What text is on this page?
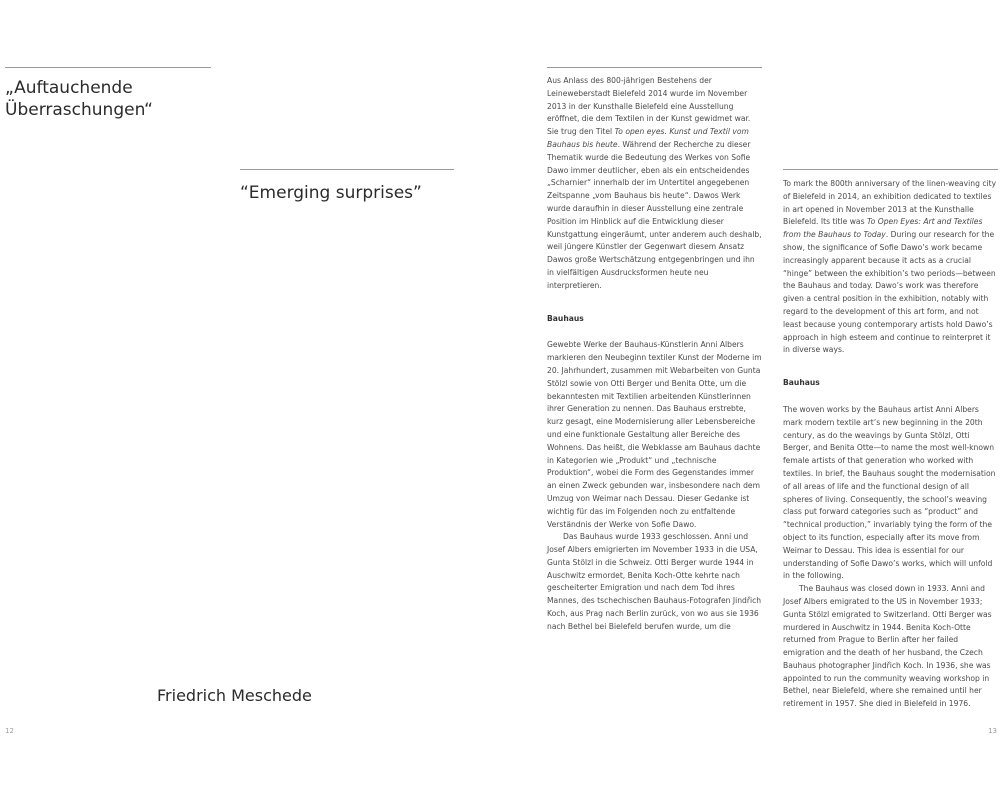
„Auftauchende
Überraschungen“
“Emerging surprises”
Friedrich Meschede
12

Aus Anlass des 800-jährigen Bestehens der Leineweberstadt Bielefeld 2014 wurde im November 2013 in der Kunsthalle Bielefeld eine Ausstellung eröffnet, die dem Textilen in der Kunst gewidmet war. Sie trug den Titel To open eyes. Kunst und Textil vom Bauhaus bis heute. Während der Recherche zu dieser Thematik wurde die Bedeutung des Werkes von Sofie Dawo immer deutlicher, eben als ein entscheidendes „Scharnier“ innerhalb der im Untertitel angegebenen Zeitspanne „vom Bauhaus bis heute“. Dawos Werk wurde daraufhin in dieser Ausstellung eine zentrale Position im Hinblick auf die Entwicklung dieser Kunstgattung eingeräumt, unter anderem auch deshalb, weil jüngere Künstler der Gegenwart diesem Ansatz Dawos große Wertschätzung entgegenbringen und ihn in vielfältigen Ausdrucksformen heute neu interpretieren.

Bauhaus

Gewebte Werke der Bauhaus-Künstlerin Anni Albers markieren den Neubeginn textiler Kunst der Moderne im 20. Jahrhundert, zusammen mit Webarbeiten von Gunta Stölzl sowie von Otti Berger und Benita Otte, um die bekanntesten mit Textilien arbeitenden Künstlerinnen ihrer Generation zu nennen. Das Bauhaus erstrebte, kurz gesagt, eine Modernisierung aller Lebensbereiche und eine funktionale Gestaltung aller Bereiche des Wohnens. Das heißt, die Webklasse am Bauhaus dachte in Kategorien wie „Produkt“ und „technische Produktion“, wobei die Form des Gegenstandes immer an einen Zweck gebunden war, insbesondere nach dem Umzug von Weimar nach Dessau. Dieser Gedanke ist wichtig für das im Folgenden noch zu entfaltende Verständnis der Werke von Sofie Dawo.

Das Bauhaus wurde 1933 geschlossen. Anni und Josef Albers emigrierten im November 1933 in die USA, Gunta Stölzl in die Schweiz. Otti Berger wurde 1944 in Auschwitz ermordet, Benita Koch-Otte kehrte nach gescheiterter Emigration und nach dem Tod ihres Mannes, des tschechischen Bauhaus-Fotografen Jindřich Koch, aus Prag nach Berlin zurück, von wo aus sie 1936 nach Bethel bei Bielefeld berufen wurde, um die

To mark the 800th anniversary of the linen-weaving city of Bielefeld in 2014, an exhibition dedicated to textiles in art opened in November 2013 at the Kunsthalle Bielefeld. Its title was To Open Eyes: Art and Textiles from the Bauhaus to Today. During our research for the show, the significance of Sofie Dawo’s work became increasingly apparent because it acts as a crucial “hinge” between the exhibition’s two periods—between the Bauhaus and today. Dawo’s work was therefore given a central position in the exhibition, notably with regard to the development of this art form, and not least because young contemporary artists hold Dawo’s approach in high esteem and continue to reinterpret it in diverse ways.

Bauhaus

The woven works by the Bauhaus artist Anni Albers mark modern textile art’s new beginning in the 20th century, as do the weavings by Gunta Stölzl, Otti Berger, and Benita Otte—to name the most well-known female artists of that generation who worked with textiles. In brief, the Bauhaus sought the modernisation of all areas of life and the functional design of all spheres of living. Consequently, the school’s weaving class put forward categories such as “product” and “technical production,” invariably tying the form of the object to its function, especially after its move from Weimar to Dessau. This idea is essential for our understanding of Sofie Dawo’s works, which will unfold in the following.

The Bauhaus was closed down in 1933. Anni and Josef Albers emigrated to the US in November 1933; Gunta Stölzl emigrated to Switzerland. Otti Berger was murdered in Auschwitz in 1944. Benita Koch-Otte returned from Prague to Berlin after her failed emigration and the death of her husband, the Czech Bauhaus photographer Jindřich Koch. In 1936, she was appointed to run the community weaving workshop in Bethel, near Bielefeld, where she remained until her retirement in 1957. She died in Bielefeld in 1976.

13
